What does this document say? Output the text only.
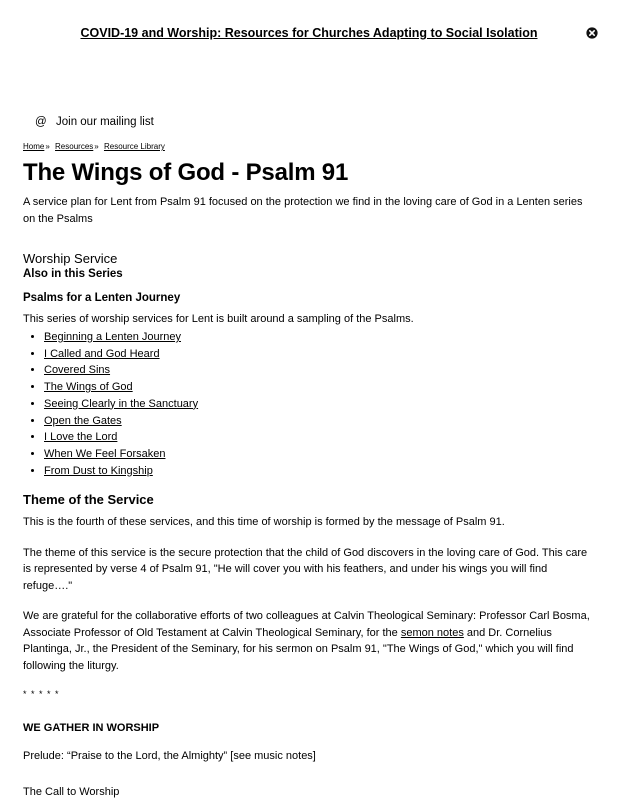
COVID-19 and Worship: Resources for Churches Adapting to Social Isolation
@ Join our mailing list
Home» Resources» Resource Library
The Wings of God - Psalm 91

A service plan for Lent from Psalm 91 focused on the protection we find in the loving care of God in a Lenten series on the Psalms

Worship Service
Also in this Series
Psalms for a Lenten Journey
This series of worship services for Lent is built around a sampling of the Psalms.
• Beginning a Lenten Journey
• I Called and God Heard
• Covered Sins
• The Wings of God
• Seeing Clearly in the Sanctuary
• Open the Gates
• I Love the Lord
• When We Feel Forsaken
• From Dust to Kingship
Theme of the Service

This is the fourth of these services, and this time of worship is formed by the message of Psalm 91.

The theme of this service is the secure protection that the child of God discovers in the loving care of God. This care is represented by verse 4 of Psalm 91, "He will cover you with his feathers, and under his wings you will find refuge…."

We are grateful for the collaborative efforts of two colleagues at Calvin Theological Seminary: Professor Carl Bosma, Associate Professor of Old Testament at Calvin Theological Seminary, for the semon notes and Dr. Cornelius Plantinga, Jr., the President of the Seminary, for his sermon on Psalm 91, "The Wings of God," which you will find following the liturgy.

* * * * *
WE GATHER IN WORSHIP
Prelude: “Praise to the Lord, the Almighty” [see music notes]
The Call to Worship
